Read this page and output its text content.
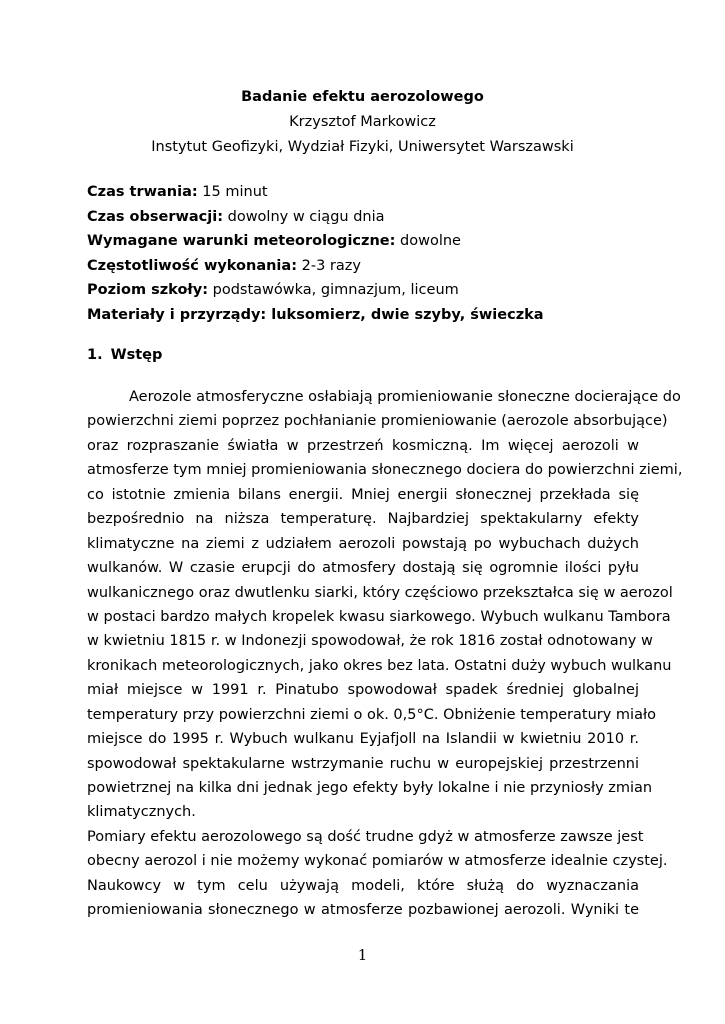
Badanie efektu aerozolowego
Krzysztof Markowicz
Instytut Geofizyki, Wydział Fizyki, Uniwersytet Warszawski
Czas trwania: 15 minut
Czas obserwacji: dowolny w ciągu dnia
Wymagane warunki meteorologiczne: dowolne
Częstotliwość wykonania: 2-3 razy
Poziom szkoły: podstawówka, gimnazjum, liceum
Materiały i przyrządy: luksomierz, dwie szyby, świeczka
1. Wstęp
Aerozole atmosferyczne osłabiają promieniowanie słoneczne docierające do
powierzchni ziemi poprzez pochłanianie promieniowanie (aerozole absorbujące)
oraz rozpraszanie światła w przestrzeń kosmiczną. Im więcej aerozoli w
atmosferze tym mniej promieniowania słonecznego dociera do powierzchni ziemi,
co istotnie zmienia bilans energii. Mniej energii słonecznej przekłada się
bezpośrednio na niższa temperaturę. Najbardziej spektakularny efekty
klimatyczne na ziemi z udziałem aerozoli powstają po wybuchach dużych
wulkanów. W czasie erupcji do atmosfery dostają się ogromnie ilości pyłu
wulkanicznego oraz dwutlenku siarki, który częściowo przekształca się w aerozol
w postaci bardzo małych kropelek kwasu siarkowego. Wybuch wulkanu Tambora
w kwietniu 1815 r. w Indonezji spowodował, że rok 1816 został odnotowany w
kronikach meteorologicznych, jako okres bez lata. Ostatni duży wybuch wulkanu
miał miejsce w 1991 r. Pinatubo spowodował spadek średniej globalnej
temperatury przy powierzchni ziemi o ok. 0,5°C. Obniżenie temperatury miało
miejsce do 1995 r. Wybuch wulkanu Eyjafjoll na Islandii w kwietniu 2010 r.
spowodował spektakularne wstrzymanie ruchu w europejskiej przestrzenni
powietrznej na kilka dni jednak jego efekty były lokalne i nie przyniosły zmian
klimatycznych.
Pomiary efektu aerozolowego są dość trudne gdyż w atmosferze zawsze jest
obecny aerozol i nie możemy wykonać pomiarów w atmosferze idealnie czystej.
Naukowcy w tym celu używają modeli, które służą do wyznaczania
promieniowania słonecznego w atmosferze pozbawionej aerozoli. Wyniki te
1
